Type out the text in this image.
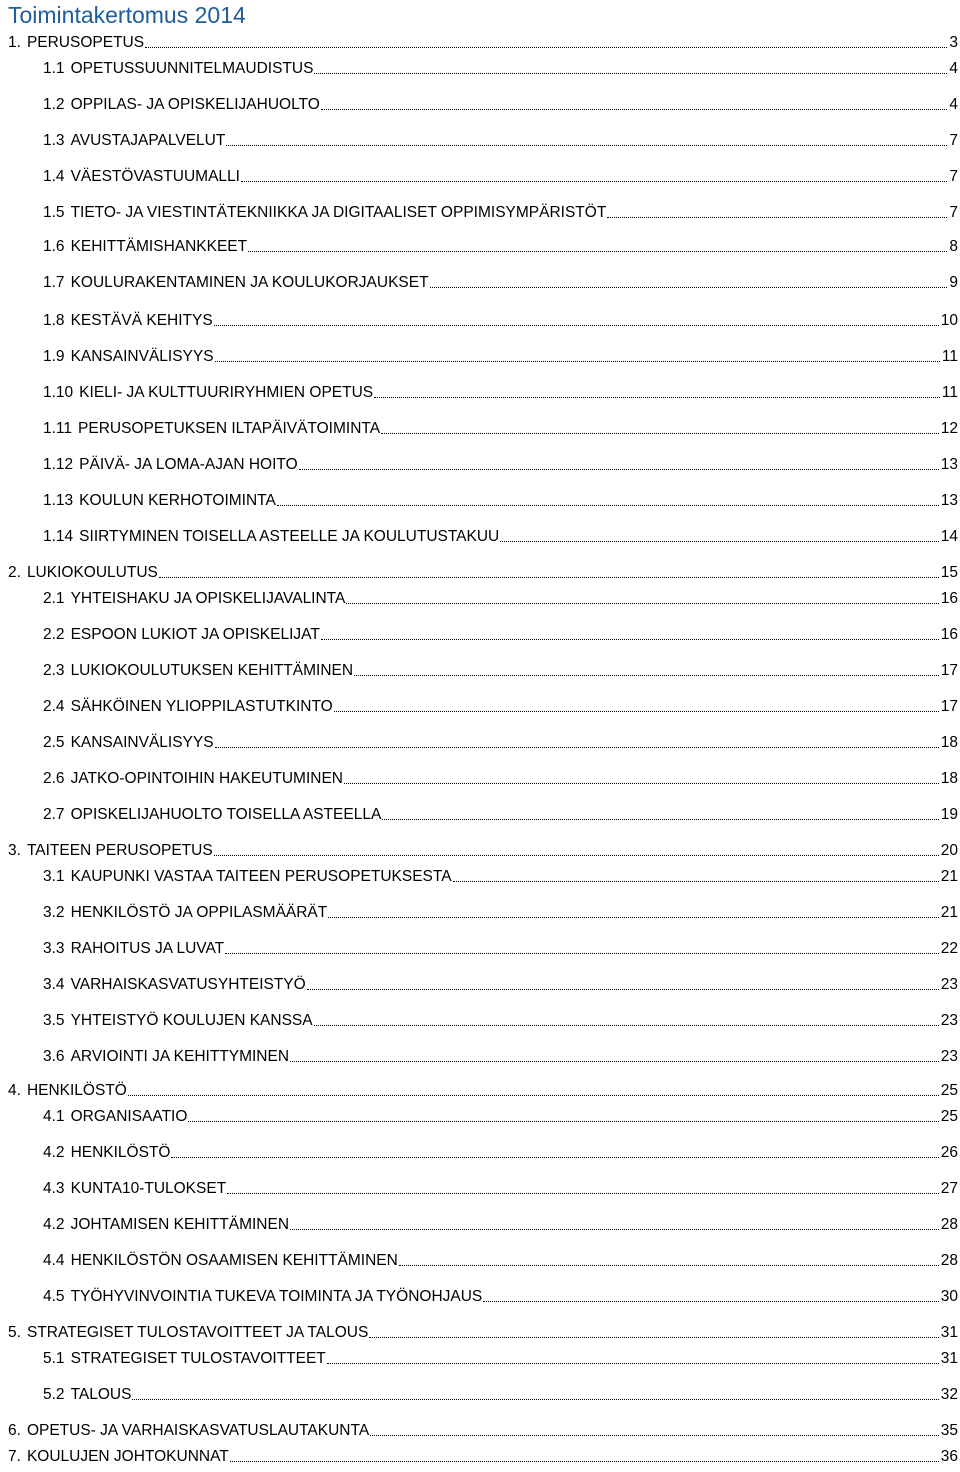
Toimintakertomus 2014
1. PERUSOPETUS	3
1.1 OPETUSSUUNNITELMAUDISTUS	4
1.2 OPPILAS- JA OPISKELIJAHUOLTO	4
1.3 AVUSTAJAPALVELUT	7
1.4 VÄESTÖVASTUUMALLI	7
1.5 TIETO- JA VIESTINTÄTEKNIIKKA JA DIGITAALISET OPPIMISYMPÄRISTÖT	7
1.6 KEHITTÄMISHANKKEET	8
1.7 KOULURAKENTAMINEN JA KOULUKORJAUKSET	9
1.8 KESTÄVÄ KEHITYS	10
1.9 KANSAINVÄLISYYS	11
1.10 KIELI- JA KULTTUURIRYHMIEN OPETUS	11
1.11 PERUSOPETUKSEN ILTAPÄIVÄTOIMINTA	12
1.12 PÄIVÄ- JA LOMA-AJAN HOITO	13
1.13 KOULUN KERHOTOIMINTA	13
1.14 SIIRTYMINEN TOISELLA ASTEELLE JA KOULUTUSTAKUU	14
2. LUKIOKOULUTUS	15
2.1 YHTEISHAKU JA OPISKELIJAVALINTA	16
2.2 ESPOON LUKIOT JA OPISKELIJAT	16
2.3 LUKIOKOULUTUKSEN KEHITTÄMINEN	17
2.4 SÄHKÖINEN YLIOPPILASTUTKINTO	17
2.5 KANSAINVÄLISYYS	18
2.6 JATKO-OPINTOIHIN HAKEUTUMINEN	18
2.7 OPISKELIJAHUOLTO TOISELLA ASTEELLA	19
3. TAITEEN PERUSOPETUS	20
3.1 KAUPUNKI VASTAA TAITEEN PERUSOPETUKSESTA	21
3.2 HENKILÖSTÖ JA OPPILASMÄÄRÄT	21
3.3 RAHOITUS JA LUVAT	22
3.4 VARHAISKASVATUSYHTEISTYÖ	23
3.5 YHTEISTYÖ KOULUJEN KANSSA	23
3.6 ARVIOINTI JA KEHITTYMINEN	23
4. HENKILÖSTÖ	25
4.1 ORGANISAATIO	25
4.2 HENKILÖSTÖ	26
4.3 KUNTA10-TULOKSET	27
4.2 JOHTAMISEN KEHITTÄMINEN	28
4.4 HENKILÖSTÖN OSAAMISEN KEHITTÄMINEN	28
4.5 TYÖHYVINVOINTIA TUKEVA TOIMINTA JA TYÖNOHJAUS	30
5. STRATEGISET TULOSTAVOITTEET JA TALOUS	31
5.1 STRATEGISET TULOSTAVOITTEET	31
5.2 TALOUS	32
6. OPETUS- JA VARHAISKASVATUSLAUTAKUNTA	35
7. KOULUJEN JOHTOKUNNAT	36
